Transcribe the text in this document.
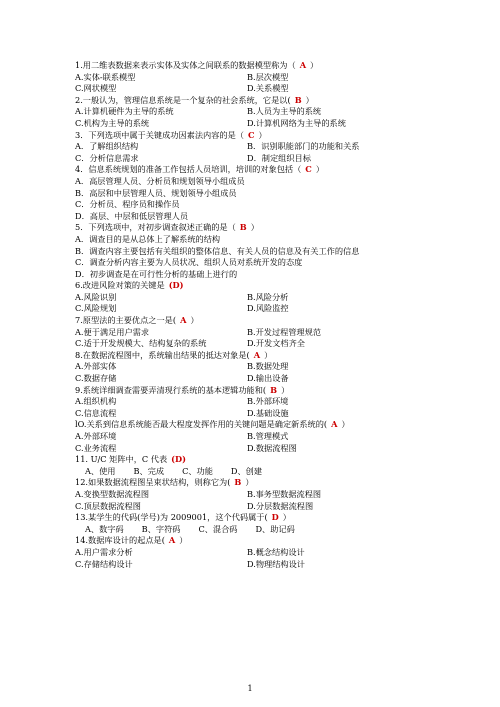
1.用二维表数据来表示实体及实体之间联系的数据模型称为（ A ）
A.实体-联系模型	B.层次模型
C.网状模型	D.关系模型
2.一般认为，管理信息系统是一个复杂的社会系统，它是以( B ）
A.计算机硬件为主导的系统	B.人员为主导的系统
C.机构为主导的系统	D.计算机网络为主导的系统
3．下列选项中属于关键成功因素法内容的是（ C ）
A．了解组织结构	B．识别职能部门的功能和关系
C．分析信息需求	D．制定组织目标
4．信息系统规划的准备工作包括人员培训，培训的对象包括（ C ）
A．高层管理人员、分析员和规划领导小组成员
B．高层和中层管理人员、规划领导小组成员
C．分析员、程序员和操作员
D．高层、中层和低层管理人员
5．下列选项中，对初步调查叙述正确的是（ B ）
A．调查目的是从总体上了解系统的结构
B．调查内容主要包括有关组织的整体信息、有关人员的信息及有关工作的信息
C．调查分析内容主要为人员状况、组织人员对系统开发的态度
D．初步调查是在可行性分析的基础上进行的
6.改进风险对策的关键是 (D)
A.风险识别	B.风险分析
C.风险规划	D.风险监控
7.原型法的主要优点之一是( A ）
A.便于满足用户需求	B.开发过程管理规范
C.适于开发规模大、结构复杂的系统	D.开发文档齐全
8.在数据流程图中，系统输出结果的抵达对象是( A ）
A.外部实体	B.数据处理
C.数据存储	D.输出设备
9.系统详细调查需要弄清现行系统的基本逻辑功能和( B ）
A.组织机构	B.外部环境
C.信息流程	D.基础设施
lO.关系到信息系统能否最大程度发挥作用的关键问题是确定新系统的( A ）
A.外部环境	B.管理模式
C.业务流程	D.数据流程图
11. U/C 矩阵中，C 代表 (D)
A、使用 B、完成 C、功能 D、创建
12.如果数据流程图呈束状结构，则称它为( B ）
A.变换型数据流程图	B.事务型数据流程图
C.顶层数据流程图	D.分层数据流程图
13.某学生的代码(学号)为 2009001，这个代码属于( D ）
A、数字码 B、字符码 C、混合码 D、助记码
14.数据库设计的起点是( A ）
A.用户需求分析	B.概念结构设计
C.存储结构设计	D.物理结构设计
1
